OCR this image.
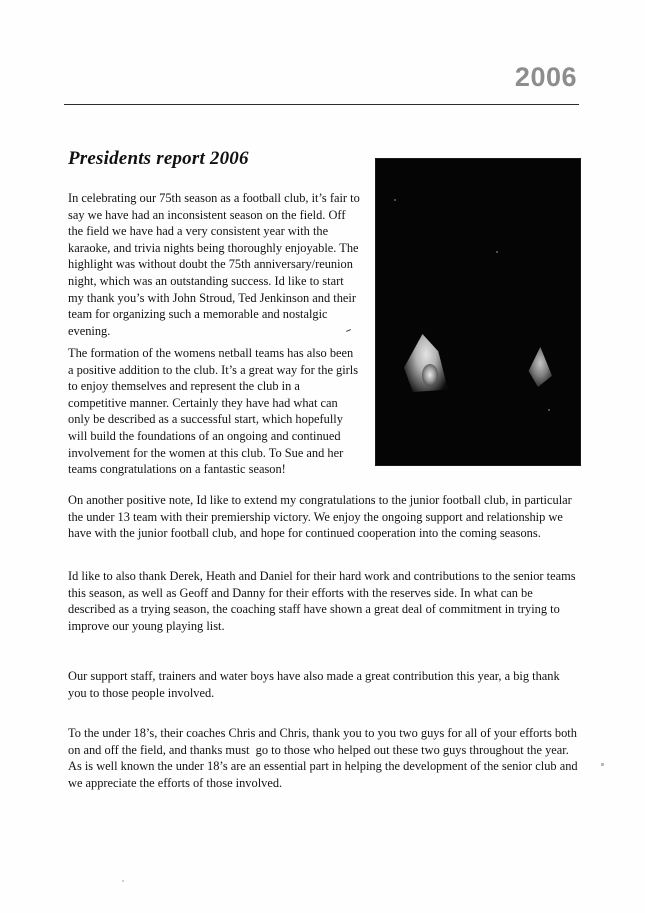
2006
Presidents report 2006
In celebrating our 75th season as a football club, it’s fair to say we have had an inconsistent season on the field. Off the field we have had a very consistent year with the karaoke, and trivia nights being thoroughly enjoyable. The highlight was without doubt the 75th anniversary/reunion night, which was an outstanding success. Id like to start my thank you’s with John Stroud, Ted Jenkinson and their team for organizing such a memorable and nostalgic evening.
The formation of the womens netball teams has also been a positive addition to the club. It’s a great way for the girls to enjoy themselves and represent the club in a competitive manner. Certainly they have had what can only be described as a successful start, which hopefully will build the foundations of an ongoing and continued involvement for the women at this club. To Sue and her teams congratulations on a fantastic season!
On another positive note, Id like to extend my congratulations to the junior football club, in particular the under 13 team with their premiership victory. We enjoy the ongoing support and relationship we have with the junior football club, and hope for continued cooperation into the coming seasons.
Id like to also thank Derek, Heath and Daniel for their hard work and contributions to the senior teams this season, as well as Geoff and Danny for their efforts with the reserves side. In what can be described as a trying season, the coaching staff have shown a great deal of commitment in trying to improve our young playing list.
Our support staff, trainers and water boys have also made a great contribution this year, a big thank you to those people involved.
To the under 18’s, their coaches Chris and Chris, thank you to you two guys for all of your efforts both on and off the field, and thanks must  go to those who helped out these two guys throughout the year. As is well known the under 18’s are an essential part in helping the development of the senior club and we appreciate the efforts of those involved.
